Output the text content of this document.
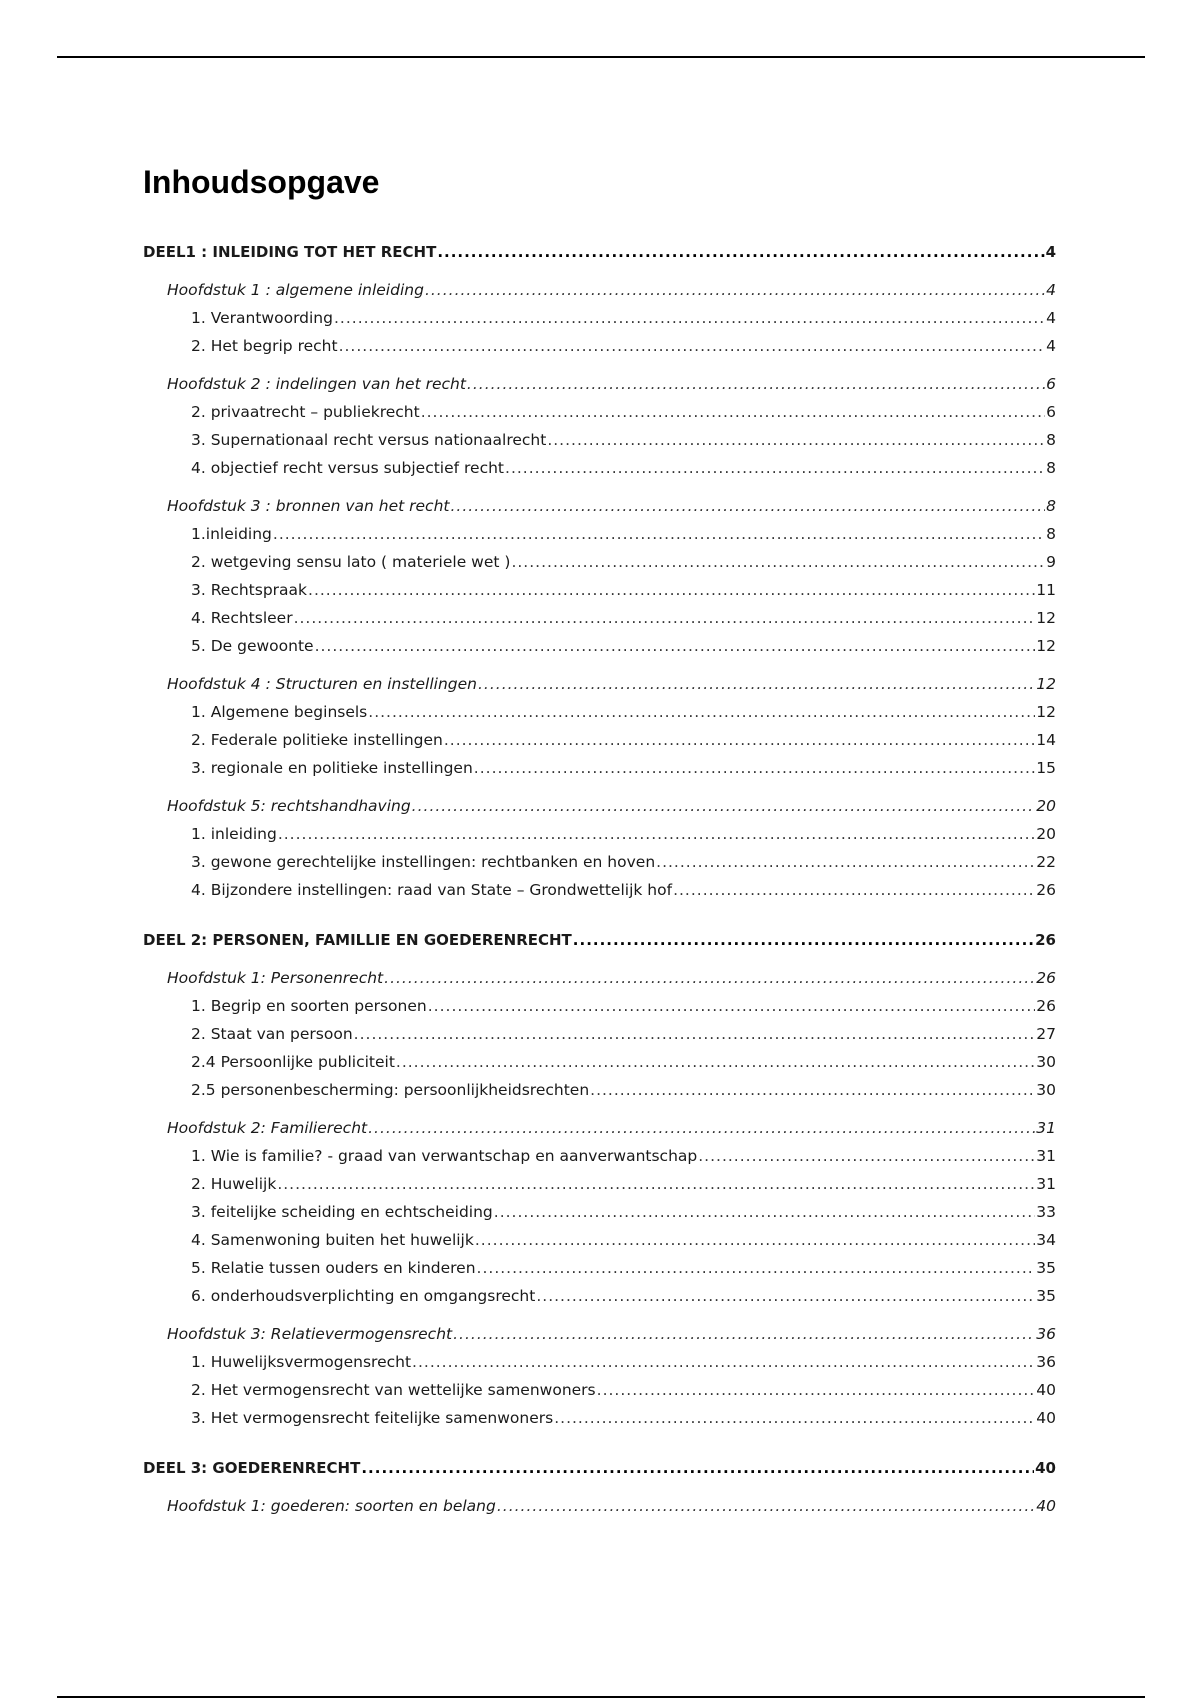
Inhoudsopgave
DEEL1 : INLEIDING TOT HET RECHT .....	4
Hoofdstuk 1 : algemene inleiding .....	4
1. Verantwoording .....	4
2. Het begrip recht .....	4
Hoofdstuk 2 : indelingen van het recht .....	6
2. privaatrecht – publiekrecht .....	6
3. Supernationaal recht versus nationaalrecht .....	8
4. objectief recht versus subjectief recht .....	8
Hoofdstuk 3 : bronnen van het recht .....	8
1.inleiding .....	8
2. wetgeving sensu lato ( materiele wet ) .....	9
3. Rechtspraak .....	11
4. Rechtsleer .....	12
5. De gewoonte .....	12
Hoofdstuk 4 : Structuren en instellingen .....	12
1. Algemene beginsels .....	12
2. Federale politieke instellingen .....	14
3. regionale en politieke instellingen .....	15
Hoofdstuk 5: rechtshandhaving .....	20
1. inleiding .....	20
3. gewone gerechtelijke instellingen: rechtbanken en hoven .....	22
4. Bijzondere instellingen: raad van State – Grondwettelijk hof .....	26
DEEL 2: PERSONEN, FAMILLIE EN GOEDERENRECHT .....	26
Hoofdstuk 1: Personenrecht .....	26
1. Begrip en soorten personen .....	26
2. Staat van persoon .....	27
2.4 Persoonlijke publiciteit .....	30
2.5 personenbescherming: persoonlijkheidsrechten .....	30
Hoofdstuk 2: Familierecht .....	31
1. Wie is familie? - graad van verwantschap en aanverwantschap .....	31
2. Huwelijk .....	31
3. feitelijke scheiding en echtscheiding .....	33
4. Samenwoning buiten het huwelijk .....	34
5. Relatie tussen ouders en kinderen .....	35
6. onderhoudsverplichting en omgangsrecht .....	35
Hoofdstuk 3: Relatievermogensrecht .....	36
1. Huwelijksvermogensrecht .....	36
2. Het vermogensrecht van wettelijke samenwoners .....	40
3. Het vermogensrecht feitelijke samenwoners .....	40
DEEL 3: GOEDERENRECHT .....	40
Hoofdstuk 1: goederen: soorten en belang .....	40
